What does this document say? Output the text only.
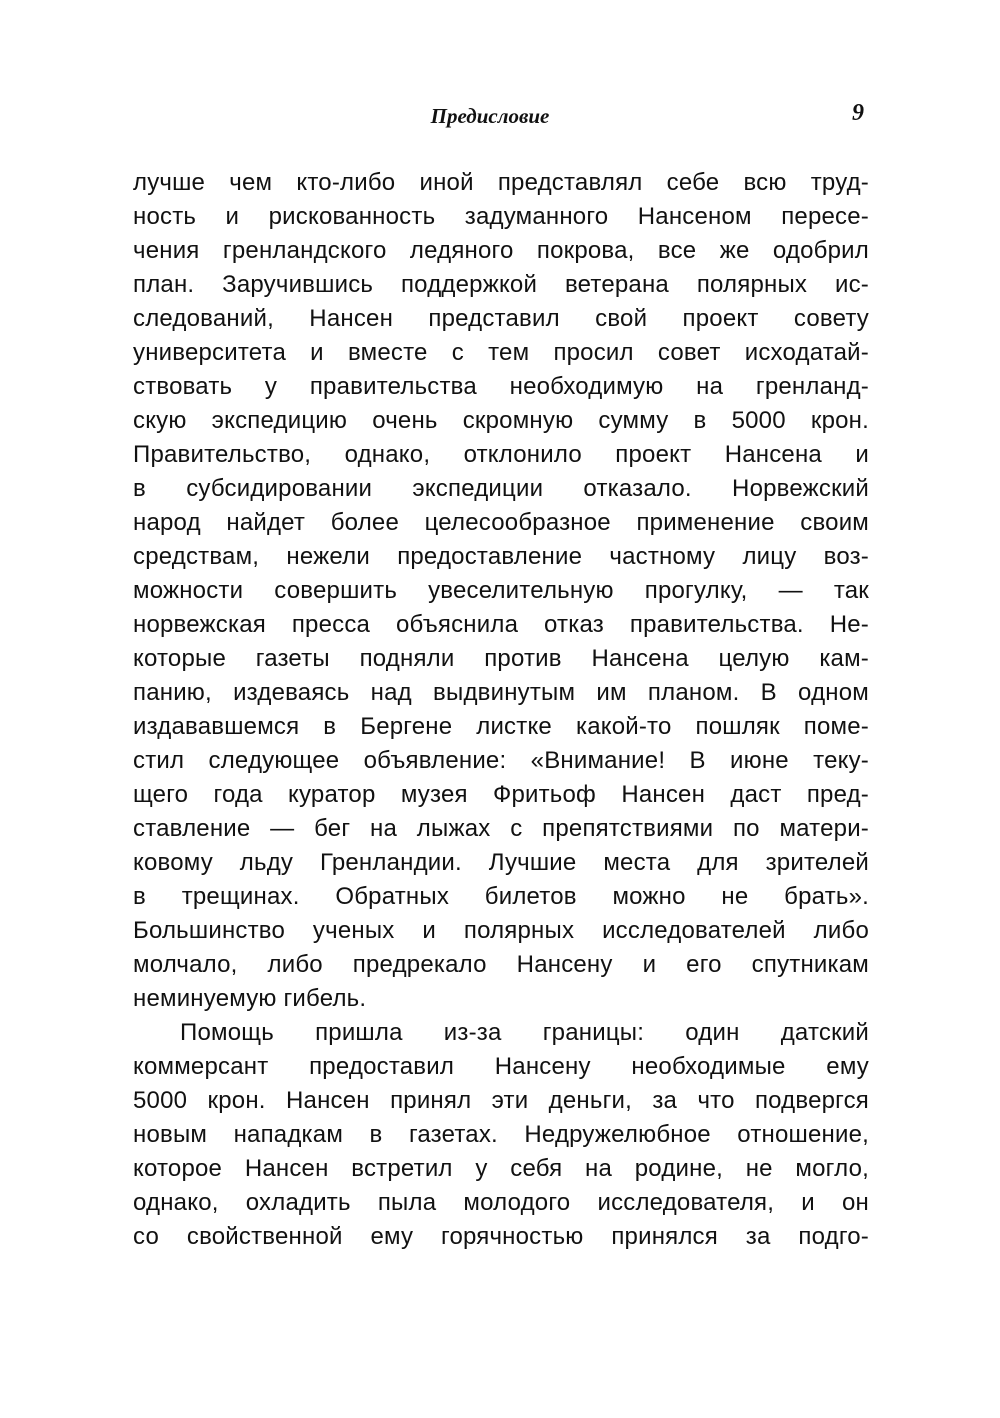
Предисловие	9
лучше чем кто-либо иной представлял себе всю труд-
ность и рискованность задуманного Нансеном пересе-
чения гренландского ледяного покрова, все же одобрил
план. Заручившись поддержкой ветерана полярных ис-
следований, Нансен представил свой проект совету
университета и вместе с тем просил совет исходатай-
ствовать у правительства необходимую на гренланд-
скую экспедицию очень скромную сумму в 5000 крон.
Правительство, однако, отклонило проект Нансена и
в субсидировании экспедиции отказало. Норвежский
народ найдет более целесообразное применение своим
средствам, нежели предоставление частному лицу воз-
можности совершить увеселительную прогулку, — так
норвежская пресса объяснила отказ правительства. Не-
которые газеты подняли против Нансена целую кам-
панию, издеваясь над выдвинутым им планом. В одном
издававшемся в Бергене листке какой-то пошляк поме-
стил следующее объявление: «Внимание! В июне теку-
щего года куратор музея Фритьоф Нансен даст пред-
ставление — бег на лыжах с препятствиями по матери-
ковому льду Гренландии. Лучшие места для зрителей
в трещинах. Обратных билетов можно не брать».
Большинство ученых и полярных исследователей либо
молчало, либо предрекало Нансену и его спутникам
неминуемую гибель.
Помощь пришла из-за границы: один датский
коммерсант предоставил Нансену необходимые ему
5000 крон. Нансен принял эти деньги, за что подвергся
новым нападкам в газетах. Недружелюбное отношение,
которое Нансен встретил у себя на родине, не могло,
однако, охладить пыла молодого исследователя, и он
со свойственной ему горячностью принялся за подго-
